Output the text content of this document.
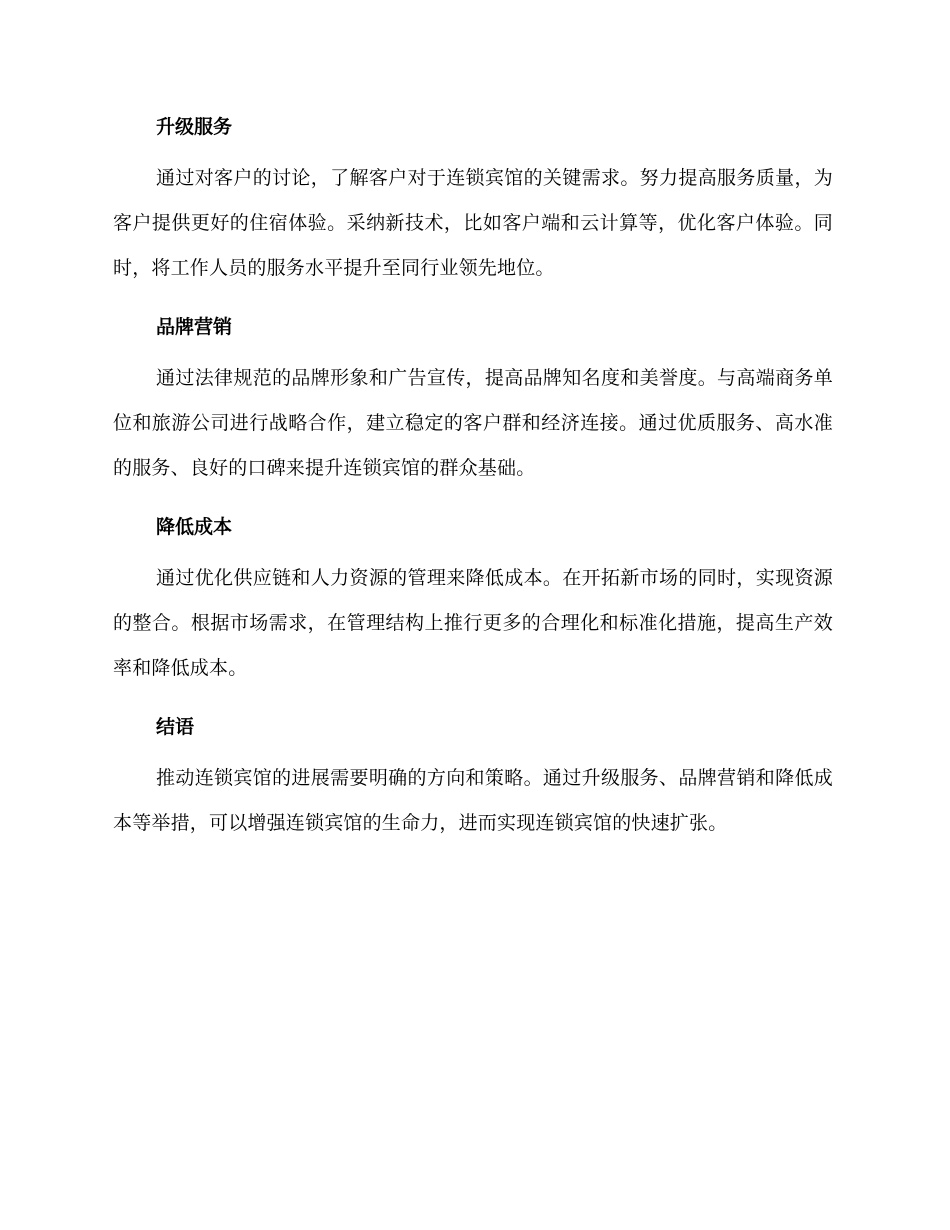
升级服务

通过对客户的讨论，了解客户对于连锁宾馆的关键需求。努力提高服务质量，为客户提供更好的住宿体验。采纳新技术，比如客户端和云计算等，优化客户体验。同时，将工作人员的服务水平提升至同行业领先地位。

品牌营销

通过法律规范的品牌形象和广告宣传，提高品牌知名度和美誉度。与高端商务单位和旅游公司进行战略合作，建立稳定的客户群和经济连接。通过优质服务、高水准的服务、良好的口碑来提升连锁宾馆的群众基础。

降低成本

通过优化供应链和人力资源的管理来降低成本。在开拓新市场的同时，实现资源的整合。根据市场需求，在管理结构上推行更多的合理化和标准化措施，提高生产效率和降低成本。

结语

推动连锁宾馆的进展需要明确的方向和策略。通过升级服务、品牌营销和降低成本等举措，可以增强连锁宾馆的生命力，进而实现连锁宾馆的快速扩张。
